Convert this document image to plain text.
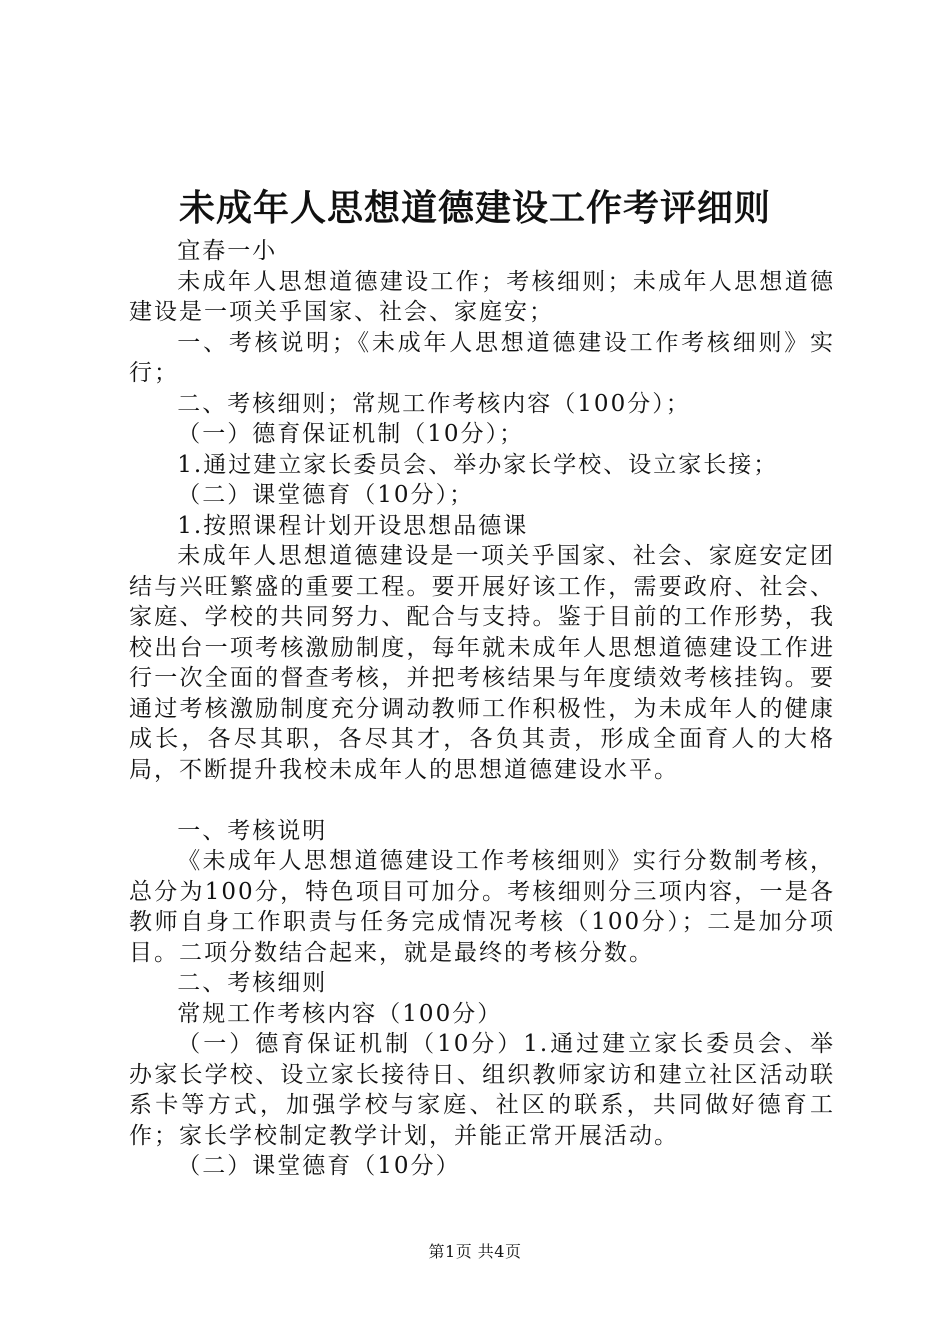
未成年人思想道德建设工作考评细则

宜春一小

未成年人思想道德建设工作；考核细则；未成年人思想道德建设是一项关乎国家、社会、家庭安；

一、考核说明；《未成年人思想道德建设工作考核细则》实行；

二、考核细则；常规工作考核内容（100分）；

（一）德育保证机制（10分）；

1.通过建立家长委员会、举办家长学校、设立家长接；

（二）课堂德育（10分）；

1.按照课程计划开设思想品德课

未成年人思想道德建设是一项关乎国家、社会、家庭安定团结与兴旺繁盛的重要工程。要开展好该工作，需要政府、社会、家庭、学校的共同努力、配合与支持。鉴于目前的工作形势，我校出台一项考核激励制度，每年就未成年人思想道德建设工作进行一次全面的督查考核，并把考核结果与年度绩效考核挂钩。要通过考核激励制度充分调动教师工作积极性，为未成年人的健康成长，各尽其职，各尽其才，各负其责，形成全面育人的大格局，不断提升我校未成年人的思想道德建设水平。

一、考核说明

《未成年人思想道德建设工作考核细则》实行分数制考核，总分为100分，特色项目可加分。考核细则分三项内容，一是各教师自身工作职责与任务完成情况考核（100分）；二是加分项目。二项分数结合起来，就是最终的考核分数。

二、考核细则

常规工作考核内容（100分）

（一）德育保证机制（10分）1.通过建立家长委员会、举办家长学校、设立家长接待日、组织教师家访和建立社区活动联系卡等方式，加强学校与家庭、社区的联系，共同做好德育工作；家长学校制定教学计划，并能正常开展活动。

（二）课堂德育（10分）

第1页 共4页
